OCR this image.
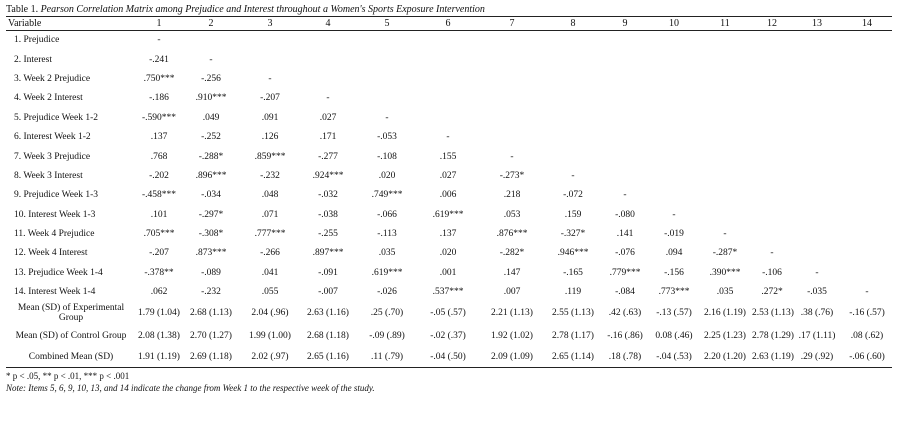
Table 1. Pearson Correlation Matrix among Prejudice and Interest throughout a Women's Sports Exposure Intervention
Variable	1	2	3	4	5	6	7	8	9	10	11	12	13	14
1. Prejudice	-													
2. Interest	-.241	-												
3. Week 2 Prejudice	.750***	-.256	-											
4. Week 2 Interest	-.186	.910***	-.207	-										
5. Prejudice Week 1-2	-.590***	.049	.091	.027	-									
6. Interest Week 1-2	.137	-.252	.126	.171	-.053	-								
7. Week 3 Prejudice	.768	-.288*	.859***	-.277	-.108	.155	-							
8. Week 3 Interest	-.202	.896***	-.232	.924***	.020	.027	-.273*	-						
9. Prejudice Week 1-3	-.458***	-.034	.048	-.032	.749***	.006	.218	-.072	-					
10. Interest Week 1-3	.101	-.297*	.071	-.038	-.066	.619***	.053	.159	-.080	-				
11. Week 4 Prejudice	.705***	-.308*	.777***	-.255	-.113	.137	.876***	-.327*	.141	-.019	-			
12. Week 4 Interest	-.207	.873***	-.266	.897***	.035	.020	-.282*	.946***	-.076	.094	-.287*	-		
13. Prejudice Week 1-4	-.378**	-.089	.041	-.091	.619***	.001	.147	-.165	.779***	-.156	.390***	-.106	-	
14. Interest Week 1-4	.062	-.232	.055	-.007	-.026	.537***	.007	.119	-.084	.773***	.035	.272*	-.035	-
Mean (SD) of Experimental Group	1.79 (1.04)	2.68 (1.13)	2.04 (.96)	2.63 (1.16)	.25 (.70)	-.05 (.57)	2.21 (1.13)	2.55 (1.13)	.42 (.63)	-.13 (.57)	2.16 (1.19)	2.53 (1.13)	.38 (.76)	-.16 (.57)
Mean (SD) of Control Group	2.08 (1.38)	2.70 (1.27)	1.99 (1.00)	2.68 (1.18)	-.09 (.89)	-.02 (.37)	1.92 (1.02)	2.78 (1.17)	-.16 (.86)	0.08 (.46)	2.25 (1.23)	2.78 (1.29)	.17 (1.11)	.08 (.62)
Combined Mean (SD)	1.91 (1.19)	2.69 (1.18)	2.02 (.97)	2.65 (1.16)	.11 (.79)	-.04 (.50)	2.09 (1.09)	2.65 (1.14)	.18 (.78)	-.04 (.53)	2.20 (1.20)	2.63 (1.19)	.29 (.92)	-.06 (.60)
* p < .05, ** p < .01, *** p < .001
Note: Items 5, 6, 9, 10, 13, and 14 indicate the change from Week 1 to the respective week of the study.
